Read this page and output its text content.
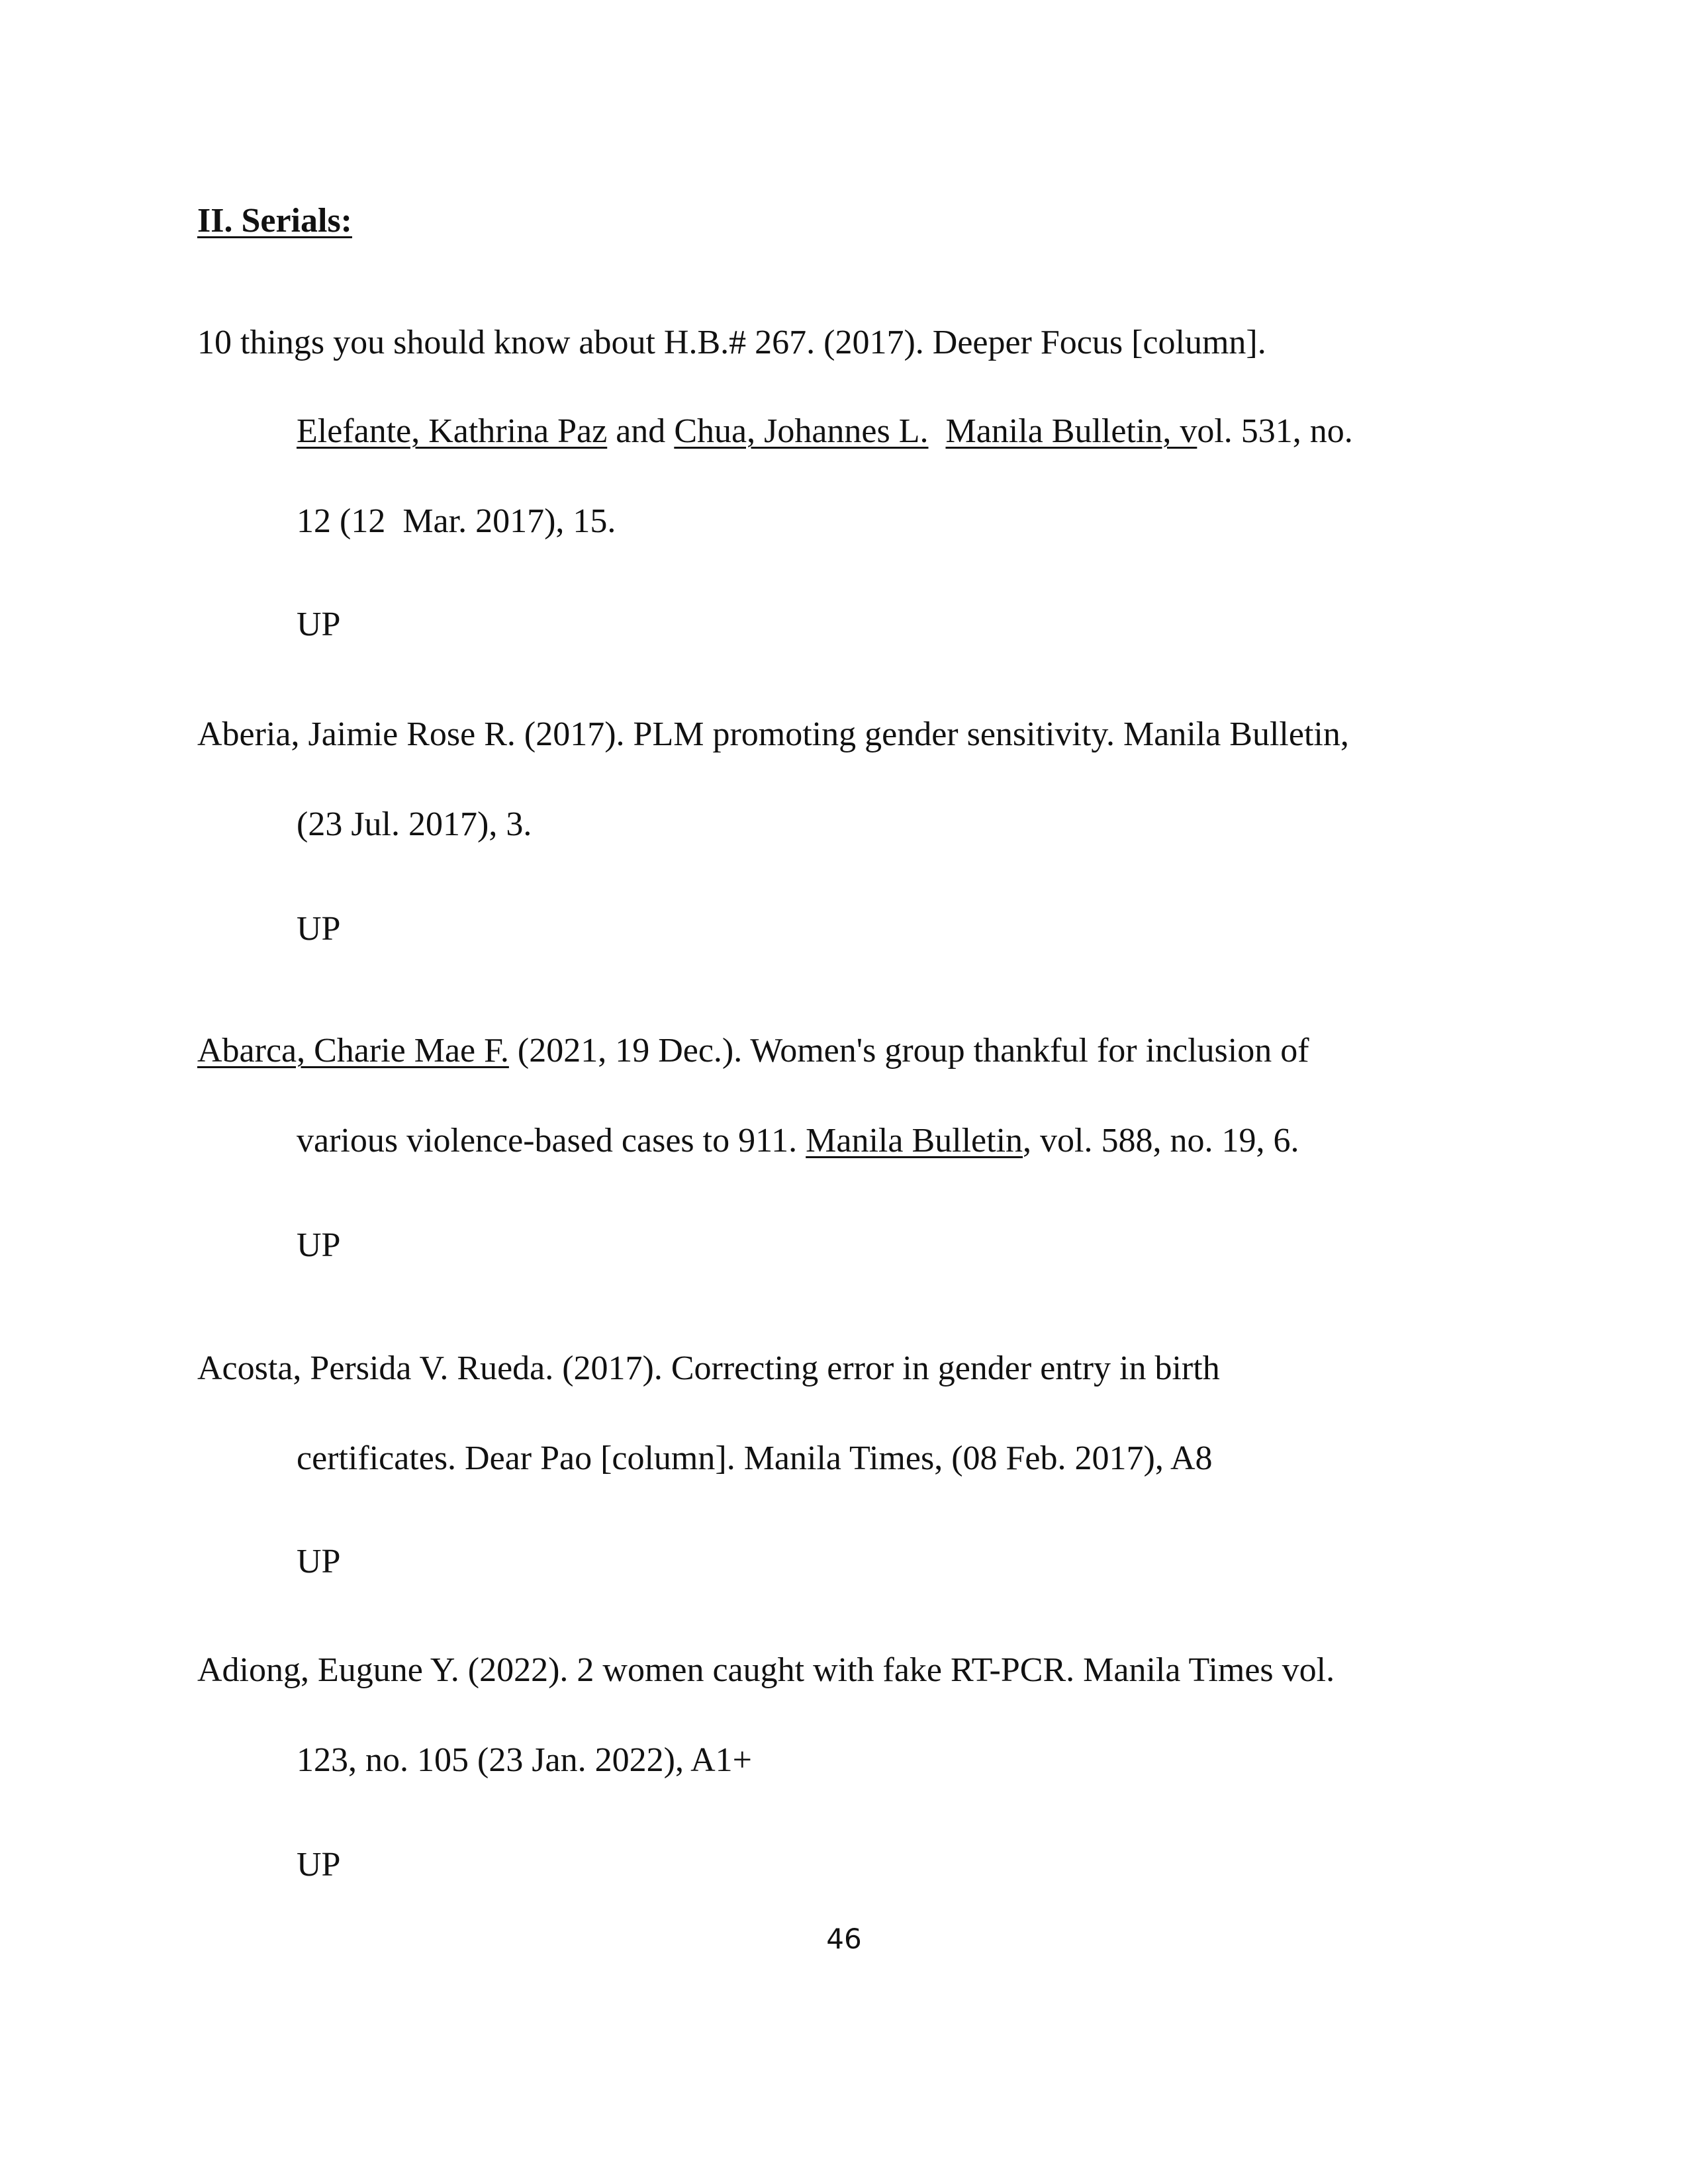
II. Serials:
10 things you should know about H.B.# 267. (2017). Deeper Focus [column].
Elefante, Kathrina Paz and Chua, Johannes L. Manila Bulletin, vol. 531, no.
12 (12  Mar. 2017), 15.
UP
Aberia, Jaimie Rose R. (2017). PLM promoting gender sensitivity. Manila Bulletin,
(23 Jul. 2017), 3.
UP
Abarca, Charie Mae F. (2021, 19 Dec.). Women's group thankful for inclusion of
various violence-based cases to 911. Manila Bulletin, vol. 588, no. 19, 6.
UP
Acosta, Persida V. Rueda. (2017). Correcting error in gender entry in birth
certificates. Dear Pao [column]. Manila Times, (08 Feb. 2017), A8
UP
Adiong, Eugune Y. (2022). 2 women caught with fake RT-PCR. Manila Times vol.
123, no. 105 (23 Jan. 2022), A1+
UP
46
